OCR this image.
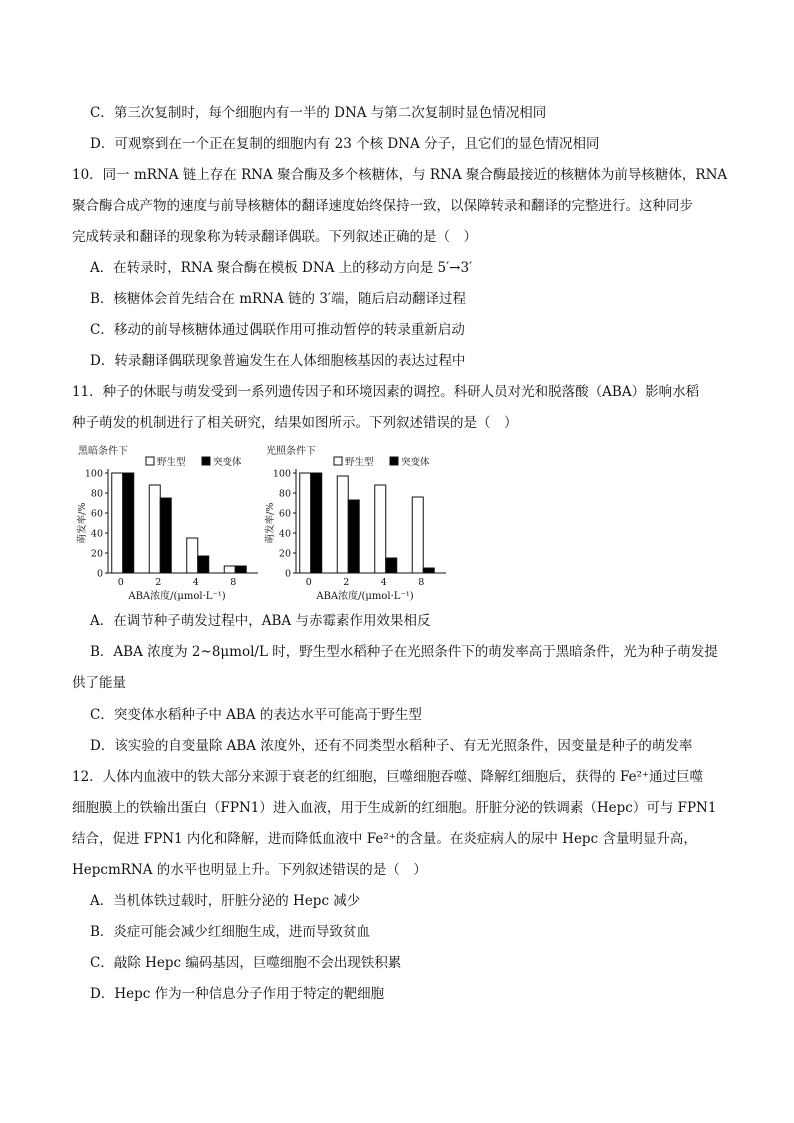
C．第三次复制时，每个细胞内有一半的 DNA 与第二次复制时显色情况相同
D．可观察到在一个正在复制的细胞内有 23 个核 DNA 分子，且它们的显色情况相同
10．同一 mRNA 链上存在 RNA 聚合酶及多个核糖体，与 RNA 聚合酶最接近的核糖体为前导核糖体，RNA
聚合酶合成产物的速度与前导核糖体的翻译速度始终保持一致，以保障转录和翻译的完整进行。这种同步
完成转录和翻译的现象称为转录翻译偶联。下列叙述正确的是（　）
A．在转录时，RNA 聚合酶在模板 DNA 上的移动方向是 5′→3′
B．核糖体会首先结合在 mRNA 链的 3′端，随后启动翻译过程
C．移动的前导核糖体通过偶联作用可推动暂停的转录重新启动
D．转录翻译偶联现象普遍发生在人体细胞核基因的表达过程中
11．种子的休眠与萌发受到一系列遗传因子和环境因素的调控。科研人员对光和脱落酸（ABA）影响水稻
种子萌发的机制进行了相关研究，结果如图所示。下列叙述错误的是（　）
黑暗条件下
0
20
40
60
80
100
萌发率/%
0	2	4	8
ABA浓度/(μmol·L⁻¹)
野生型	突变体
光照条件下
0
20
40
60
80
100
萌发率/%
0	2	4	8
ABA浓度/(μmol·L⁻¹)
野生型	突变体
A．在调节种子萌发过程中，ABA 与赤霉素作用效果相反
B．ABA 浓度为 2~8μmol/L 时，野生型水稻种子在光照条件下的萌发率高于黑暗条件，光为种子萌发提
供了能量
C．突变体水稻种子中 ABA 的表达水平可能高于野生型
D．该实验的自变量除 ABA 浓度外，还有不同类型水稻种子、有无光照条件，因变量是种子的萌发率
12．人体内血液中的铁大部分来源于衰老的红细胞，巨噬细胞吞噬、降解红细胞后，获得的 Fe²⁺通过巨噬
细胞膜上的铁输出蛋白（FPN1）进入血液，用于生成新的红细胞。肝脏分泌的铁调素（Hepc）可与 FPN1
结合，促进 FPN1 内化和降解，进而降低血液中 Fe²⁺的含量。在炎症病人的尿中 Hepc 含量明显升高，
HepcmRNA 的水平也明显上升。下列叙述错误的是（　）
A．当机体铁过载时，肝脏分泌的 Hepc 减少
B．炎症可能会减少红细胞生成，进而导致贫血
C．敲除 Hepc 编码基因，巨噬细胞不会出现铁积累
D．Hepc 作为一种信息分子作用于特定的靶细胞
